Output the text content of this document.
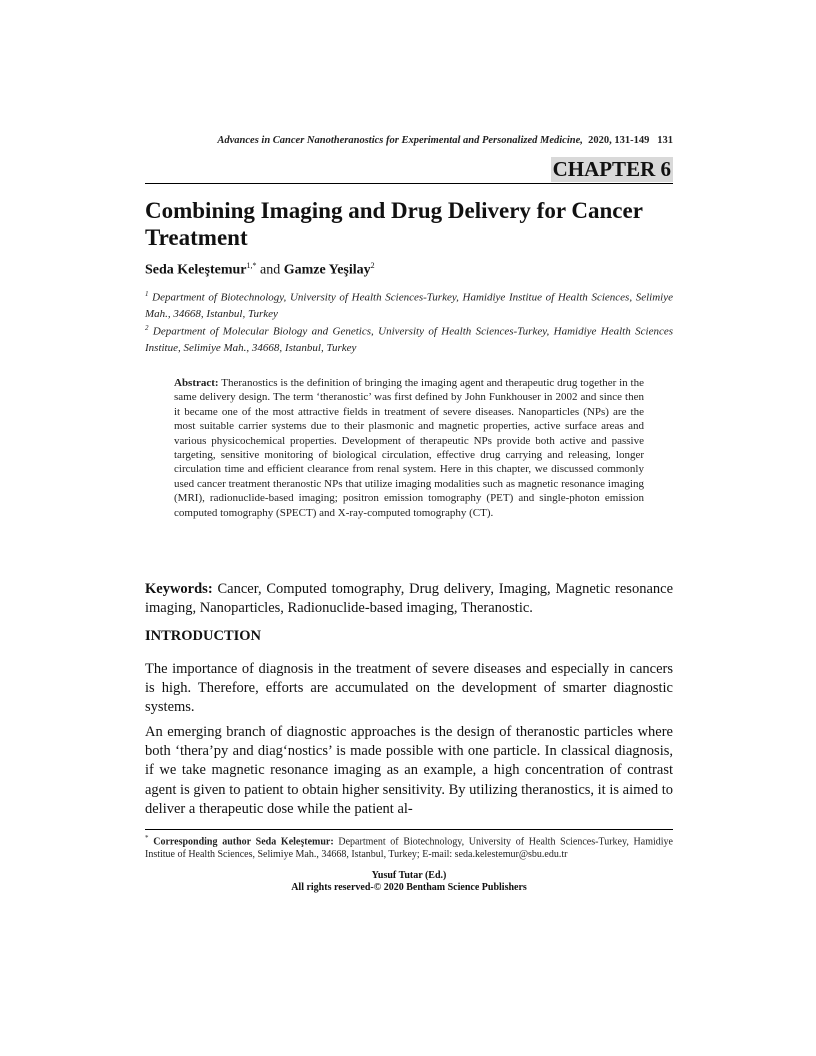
Advances in Cancer Nanotheranostics for Experimental and Personalized Medicine, 2020, 131-149 131
CHAPTER 6
Combining Imaging and Drug Delivery for Cancer Treatment
Seda Keleştemur$^{1,*}$ and Gamze Yeşilay$^2$
$^1$ Department of Biotechnology, University of Health Sciences-Turkey, Hamidiye Institue of Health Sciences, Selimiye Mah., 34668, Istanbul, Turkey
$^2$ Department of Molecular Biology and Genetics, University of Health Sciences-Turkey, Hamidiye Health Sciences Institue, Selimiye Mah., 34668, Istanbul, Turkey
Abstract: Theranostics is the definition of bringing the imaging agent and therapeutic drug together in the same delivery design. The term ‘theranostic’ was first defined by John Funkhouser in 2002 and since then it became one of the most attractive fields in treatment of severe diseases. Nanoparticles (NPs) are the most suitable carrier systems due to their plasmonic and magnetic properties, active surface areas and various physicochemical properties. Development of therapeutic NPs provide both active and passive targeting, sensitive monitoring of biological circulation, effective drug carrying and releasing, longer circulation time and efficient clearance from renal system. Here in this chapter, we discussed commonly used cancer treatment theranostic NPs that utilize imaging modalities such as magnetic resonance imaging (MRI), radionuclide-based imaging; positron emission tomography (PET) and single-photon emission computed tomography (SPECT) and X-ray-computed tomography (CT).
Keywords: Cancer, Computed tomography, Drug delivery, Imaging, Magnetic resonance imaging, Nanoparticles, Radionuclide-based imaging, Theranostic.
INTRODUCTION

The importance of diagnosis in the treatment of severe diseases and especially in cancers is high. Therefore, efforts are accumulated on the development of smarter diagnostic systems.

An emerging branch of diagnostic approaches is the design of theranostic particles where both ‘thera’py and diag‘nostics’ is made possible with one particle. In classical diagnosis, if we take magnetic resonance imaging as an example, a high concentration of contrast agent is given to patient to obtain higher sensitivity. By utilizing theranostics, it is aimed to deliver a therapeutic dose while the patient al-

* Corresponding author Seda Keleştemur: Department of Biotechnology, University of Health Sciences-Turkey, Hamidiye Institue of Health Sciences, Selimiye Mah., 34668, Istanbul, Turkey; E-mail: seda.kelestemur@sbu.edu.tr
Yusuf Tutar (Ed.)
All rights reserved-© 2020 Bentham Science Publishers
